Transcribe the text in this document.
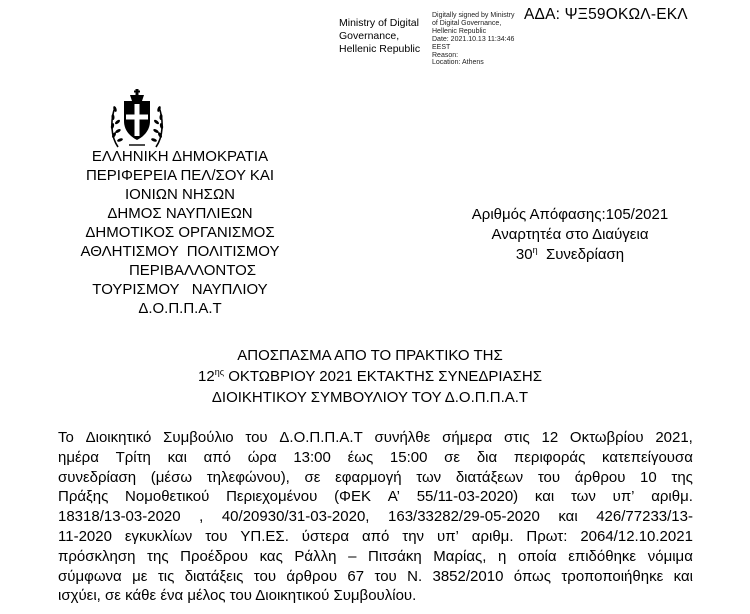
ΑΔΑ: ΨΞ59ΟΚΩΛ-ΕΚΛ
Ministry of Digital
Governance,
Hellenic Republic
Digitally signed by Ministry
of Digital Governance,
Hellenic Republic
Date: 2021.10.13 11:34:46
EEST
Reason:
Location: Athens
ΕΛΛΗΝΙΚΗ ΔΗΜΟΚΡΑΤΙΑ
ΠΕΡΙΦΕΡΕΙΑ ΠΕΛ/ΣΟΥ ΚΑΙ
ΙΟΝΙΩΝ ΝΗΣΩΝ
ΔΗΜΟΣ ΝΑΥΠΛΙΕΩΝ
ΔΗΜΟΤΙΚΟΣ ΟΡΓΑΝΙΣΜΟΣ
ΑΘΛΗΤΙΣΜΟΥ  ΠΟΛΙΤΙΣΜΟΥ
ΠΕΡΙΒΑΛΛΟΝΤΟΣ
ΤΟΥΡΙΣΜΟΥ   ΝΑΥΠΛΙΟΥ
Δ.Ο.Π.Π.Α.Τ
Αριθμός Απόφασης:105/2021
Αναρτητέα στο Διαύγεια
$30^\eta$  Συνεδρίαση
ΑΠΟΣΠΑΣΜΑ ΑΠΟ ΤΟ ΠΡΑΚΤΙΚΟ ΤΗΣ
$12^{\eta\varsigma}$ ΟΚΤΩΒΡΙΟΥ 2021 ΕΚΤΑΚΤΗΣ ΣΥΝΕΔΡΙΑΣΗΣ
ΔΙΟΙΚΗΤΙΚΟΥ ΣΥΜΒΟΥΛΙΟΥ ΤΟΥ Δ.Ο.Π.Π.Α.Τ
Το Διοικητικό Συμβούλιο του Δ.Ο.Π.Π.Α.Τ συνήλθε σήμερα στις 12 Οκτωβρίου 2021,
ημέρα Τρίτη και από ώρα 13:00 έως 15:00 σε δια περιφοράς κατεπείγουσα
συνεδρίαση (μέσω τηλεφώνου), σε εφαρμογή των διατάξεων του άρθρου 10 της
Πράξης Νομοθετικού Περιεχομένου (ΦΕΚ Α’ 55/11-03-2020) και των υπ’ αριθμ.
18318/13-03-2020 , 40/20930/31-03-2020, 163/33282/29-05-2020 και 426/77233/13-
11-2020 εγκυκλίων του ΥΠ.ΕΣ. ύστερα από την υπ’ αριθμ. Πρωτ: 2064/12.10.2021
πρόσκληση της Προέδρου κας Ράλλη – Πιτσάκη Μαρίας, η οποία επιδόθηκε νόμιμα
σύμφωνα με τις διατάξεις του άρθρου 67 του Ν. 3852/2010 όπως τροποποιήθηκε και
ισχύει, σε κάθε ένα μέλος του Διοικητικού Συμβουλίου.
